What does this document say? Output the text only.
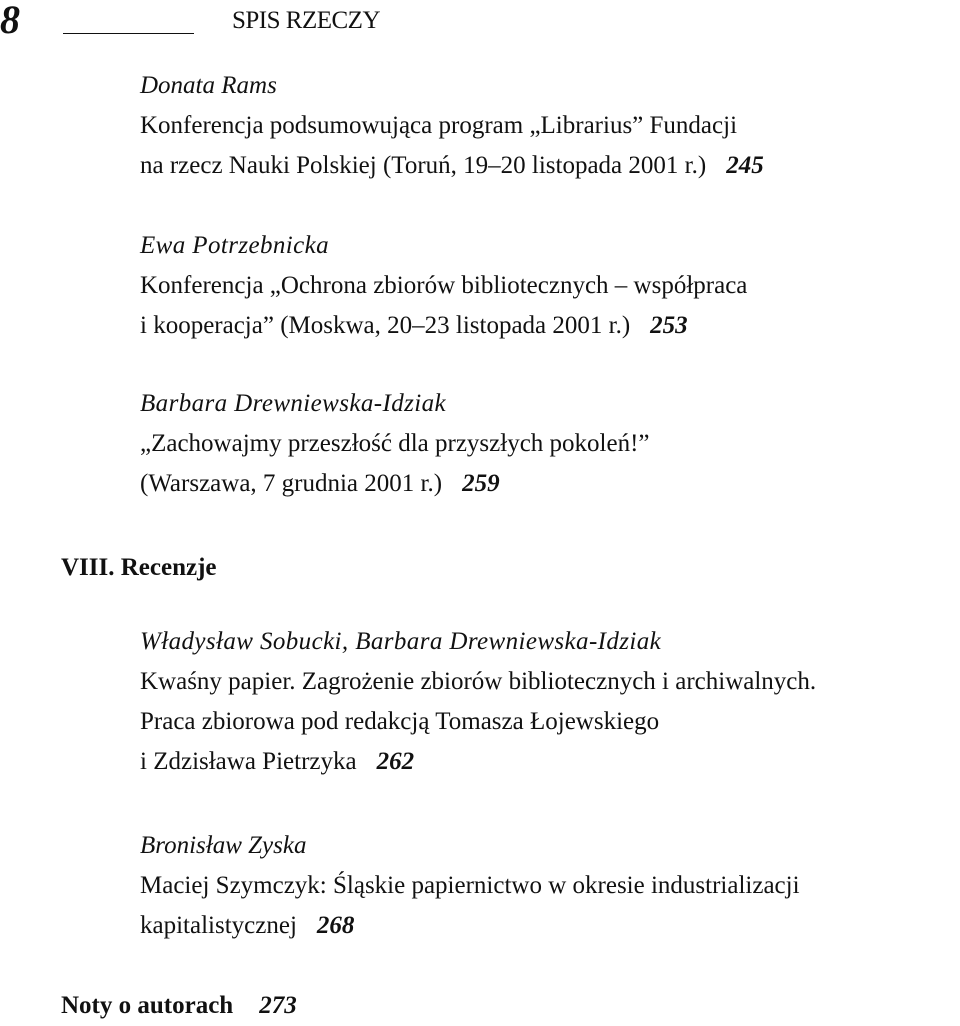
8	SPIS RZECZY
Donata Rams
Konferencja podsumowująca program „Librarius” Fundacji
na rzecz Nauki Polskiej (Toruń, 19–20 listopada 2001 r.) 245
Ewa Potrzebnicka
Konferencja „Ochrona zbiorów bibliotecznych – współpraca
i kooperacja” (Moskwa, 20–23 listopada 2001 r.) 253
Barbara Drewniewska-Idziak
„Zachowajmy przeszłość dla przyszłych pokoleń!”
(Warszawa, 7 grudnia 2001 r.) 259
VIII. Recenzje
Władysław Sobucki, Barbara Drewniewska-Idziak
Kwaśny papier. Zagrożenie zbiorów bibliotecznych i archiwalnych.
Praca zbiorowa pod redakcją Tomasza Łojewskiego
i Zdzisława Pietrzyka 262
Bronisław Zyska
Maciej Szymczyk: Śląskie papiernictwo w okresie industrializacji
kapitalistycznej 268
Noty o autorach 273
